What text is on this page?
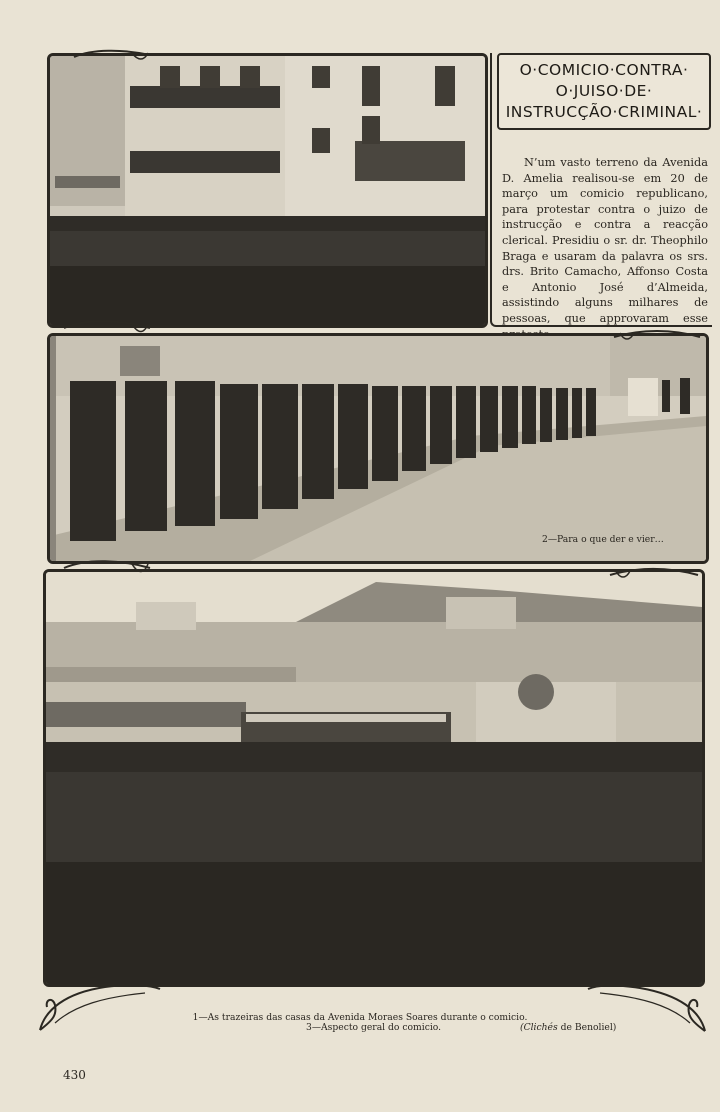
O·COMICIO·CONTRA·
O·JUISO·DE·
INSTRUCÇÃO·CRIMINAL·
N’um vasto terreno da Avenida D. Amelia realisou-se em 20 de março um comicio republicano, para protestar contra o juizo de instrucção e contra a reacção clerical. Presidiu o sr. dr. Theophilo Braga e usaram da palavra os srs. drs. Brito Camacho, Affonso Costa e Antonio José d’Almeida, assistindo alguns milhares de pessoas, que approvaram esse
2—Para o que der e vier…
1—As trazeiras das casas da Avenida Moraes Soares durante o comicio.
3—Aspecto geral do comicio.	(Clichés de Benoliel)
430
